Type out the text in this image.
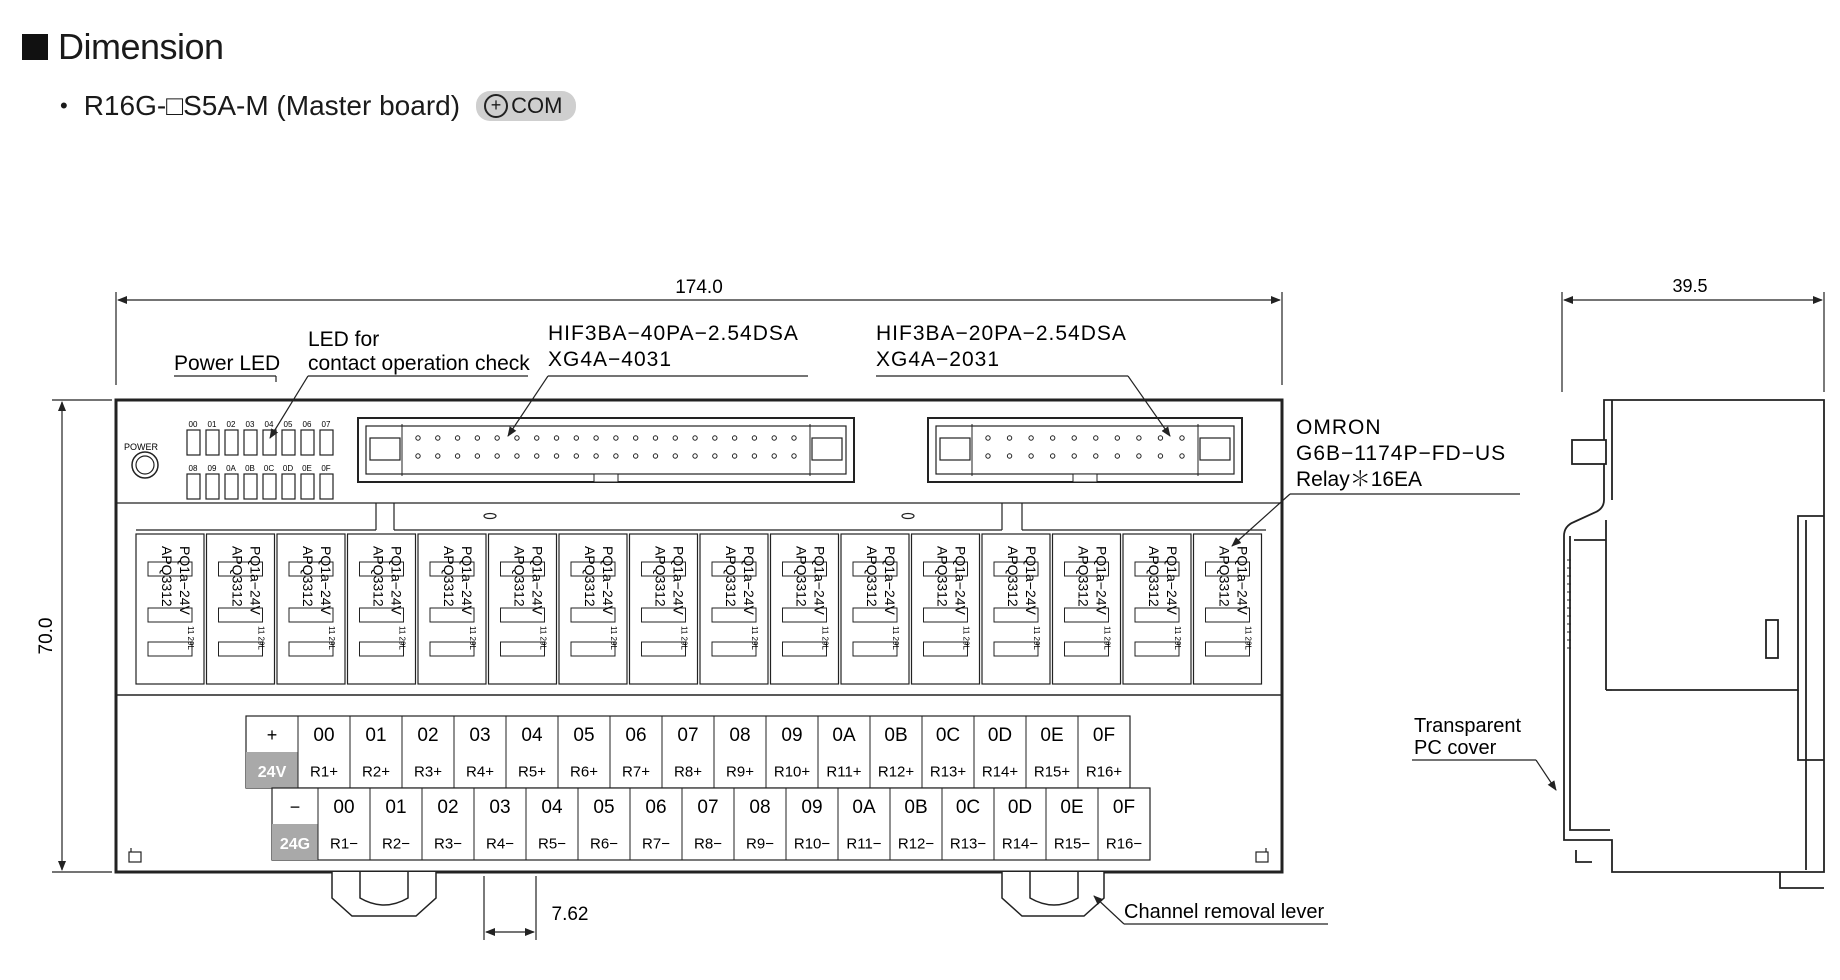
Dimension
• R16G-□S5A-M (Master board)	+ COM
174.0
70.0
39.5
POWER
00 01 02 03 04 05 06 07
08 09 0A 0B 0C 0D 0E 0F
PQ1a−24V
APQ3312
11 29L
PQ1a−24V
APQ3312
11 29L
PQ1a−24V
APQ3312
11 29L
PQ1a−24V
APQ3312
11 29L
PQ1a−24V
APQ3312
11 29L
PQ1a−24V
APQ3312
11 29L
PQ1a−24V
APQ3312
11 29L
PQ1a−24V
APQ3312
11 29L
PQ1a−24V
APQ3312
11 29L
PQ1a−24V
APQ3312
11 29L
PQ1a−24V
APQ3312
11 29L
PQ1a−24V
APQ3312
11 29L
PQ1a−24V
APQ3312
11 29L
PQ1a−24V
APQ3312
11 29L
PQ1a−24V
APQ3312
11 29L
PQ1a−24V
APQ3312
11 29L
+
24V
00
R1+
01
R2+
02
R3+
03
R4+
04
R5+
05
R6+
06
R7+
07
R8+
08
R9+
09
R10+
0A
R11+
0B
R12+
0C
R13+
0D
R14+
0E
R15+
0F
R16+
−
24G
00
R1−
01
R2−
02
R3−
03
R4−
04
R5−
05
R6−
06
R7−
07
R8−
08
R9−
09
R10−
0A
R11−
0B
R12−
0C
R13−
0D
R14−
0E
R15−
0F
R16−
7.62
Power LED
LED for
contact operation check
HIF3BA−40PA−2.54DSA
XG4A−4031
HIF3BA−20PA−2.54DSA
XG4A−2031
OMRON
G6B−1174P−FD−US
Relay＊16EA
Transparent
PC cover
Channel removal lever
